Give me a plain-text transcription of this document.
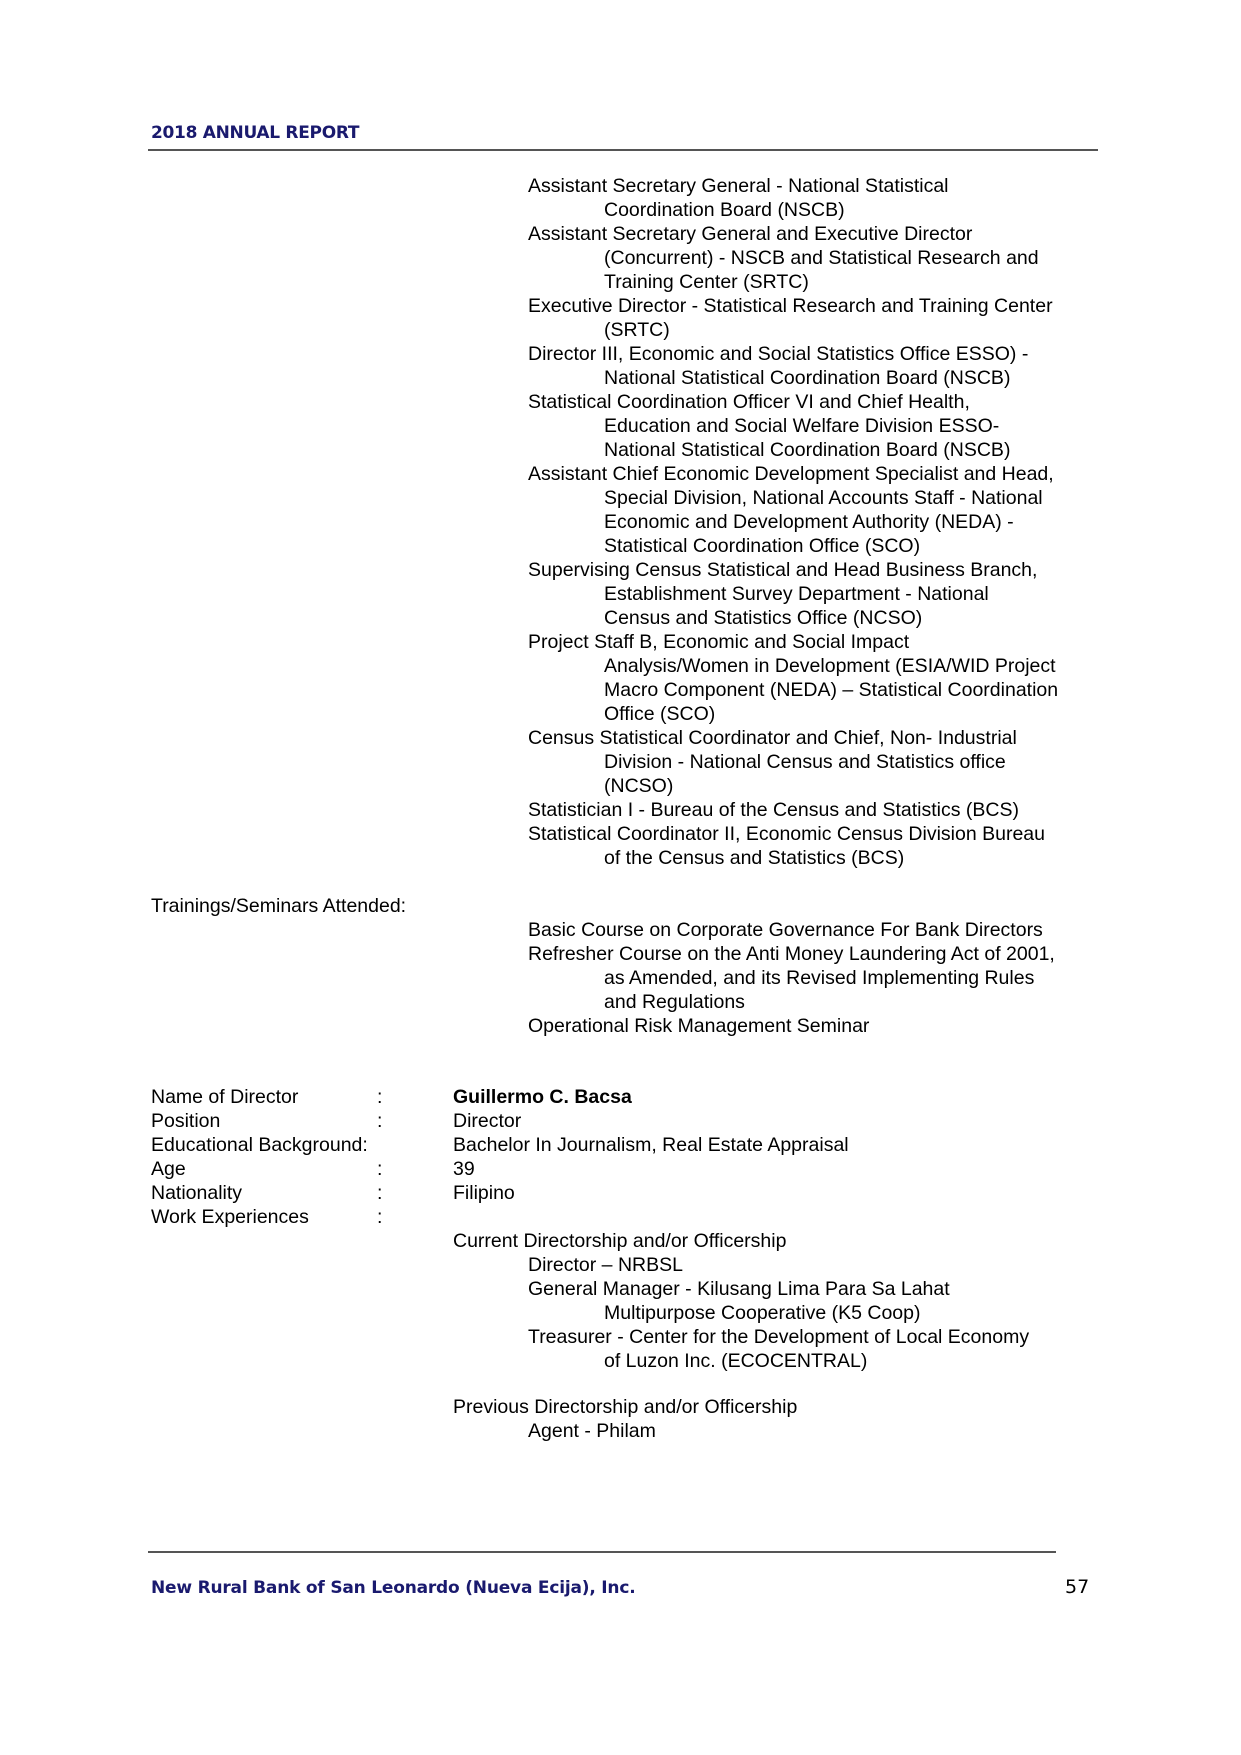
2018 ANNUAL REPORT
Assistant Secretary General - National Statistical
Coordination Board (NSCB)
Assistant Secretary General and Executive Director
(Concurrent) - NSCB and Statistical Research and
Training Center (SRTC)
Executive Director - Statistical Research and Training Center
(SRTC)
Director III, Economic and Social Statistics Office ESSO) -
National Statistical Coordination Board (NSCB)
Statistical Coordination Officer VI and Chief Health,
Education and Social Welfare Division ESSO-
National Statistical Coordination Board (NSCB)
Assistant Chief Economic Development Specialist and Head,
Special Division, National Accounts Staff - National
Economic and Development Authority (NEDA) -
Statistical Coordination Office (SCO)
Supervising Census Statistical and Head Business Branch,
Establishment Survey Department - National
Census and Statistics Office (NCSO)
Project Staff B, Economic and Social Impact
Analysis/Women in Development (ESIA/WID Project
Macro Component (NEDA) – Statistical Coordination
Office (SCO)
Census Statistical Coordinator and Chief, Non- Industrial
Division - National Census and Statistics office
(NCSO)
Statistician I - Bureau of the Census and Statistics (BCS)
Statistical Coordinator II, Economic Census Division Bureau
of the Census and Statistics (BCS)
Trainings/Seminars Attended:
Basic Course on Corporate Governance For Bank Directors
Refresher Course on the Anti Money Laundering Act of 2001,
as Amended, and its Revised Implementing Rules
and Regulations
Operational Risk Management Seminar
Name of Director	:	Guillermo C. Bacsa
Position	:	Director
Educational Background:	Bachelor In Journalism, Real Estate Appraisal
Age	:	39
Nationality	:	Filipino
Work Experiences	:
Current Directorship and/or Officership
Director – NRBSL
General Manager - Kilusang Lima Para Sa Lahat
Multipurpose Cooperative (K5 Coop)
Treasurer - Center for the Development of Local Economy
of Luzon Inc. (ECOCENTRAL)
Previous Directorship and/or Officership
Agent - Philam
New Rural Bank of San Leonardo (Nueva Ecija), Inc.	57
